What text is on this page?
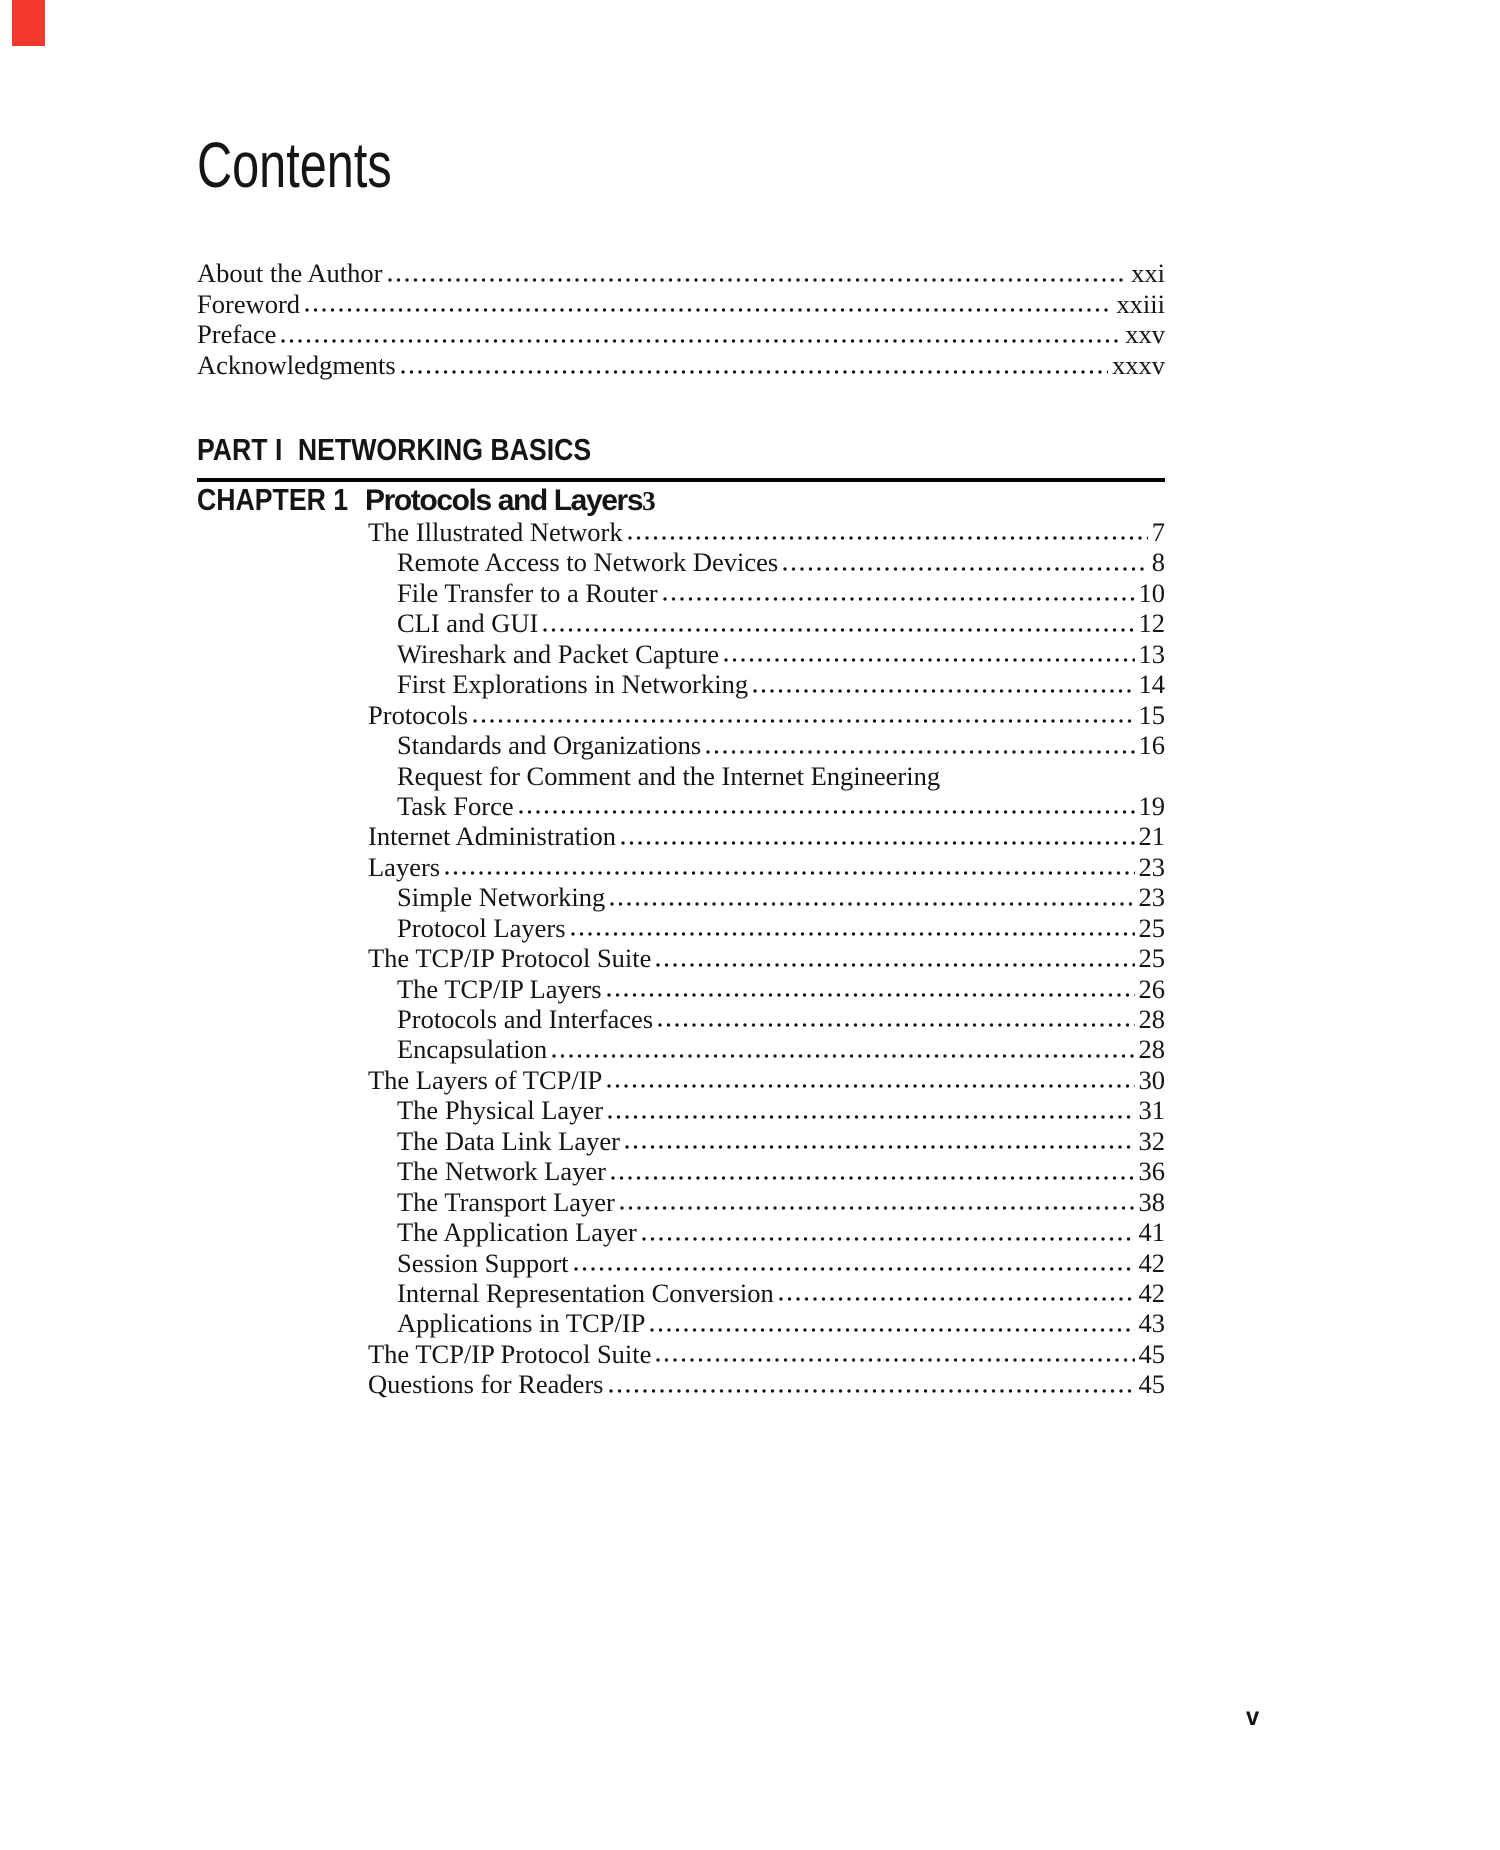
Contents
About the Author	xxi
Foreword	xxiii
Preface	xxv
Acknowledgments	xxxv
PART I NETWORKING BASICS
CHAPTER 1 Protocols and Layers 3
The Illustrated Network	7
Remote Access to Network Devices	8
File Transfer to a Router	10
CLI and GUI	12
Wireshark and Packet Capture	13
First Explorations in Networking	14
Protocols	15
Standards and Organizations	16
Request for Comment and the Internet Engineering
Task Force	19
Internet Administration	21
Layers	23
Simple Networking	23
Protocol Layers	25
The TCP/IP Protocol Suite	25
The TCP/IP Layers	26
Protocols and Interfaces	28
Encapsulation	28
The Layers of TCP/IP	30
The Physical Layer	31
The Data Link Layer	32
The Network Layer	36
The Transport Layer	38
The Application Layer	41
Session Support	42
Internal Representation Conversion	42
Applications in TCP/IP	43
The TCP/IP Protocol Suite	45
Questions for Readers	45
v
